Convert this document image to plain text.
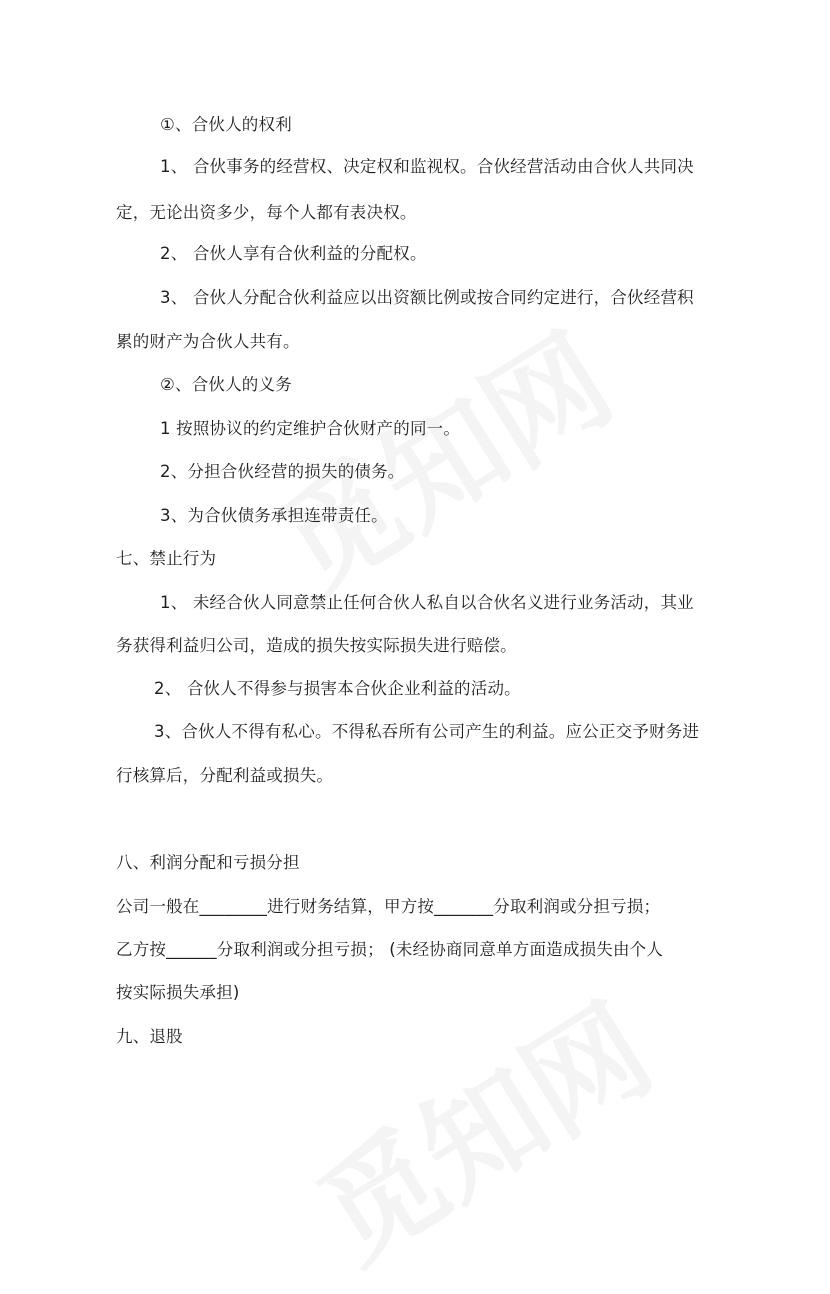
①、合伙人的权利

1、 合伙事务的经营权、决定权和监视权。合伙经营活动由合伙人共同决

定，无论出资多少，每个人都有表决权。

2、 合伙人享有合伙利益的分配权。

3、 合伙人分配合伙利益应以出资额比例或按合同约定进行，合伙经营积

累的财产为合伙人共有。

②、合伙人的义务

1 按照协议的约定维护合伙财产的同一。

2、分担合伙经营的损失的债务。

3、为合伙债务承担连带责任。

七、禁止行为

1、 未经合伙人同意禁止任何合伙人私自以合伙名义进行业务活动，其业

务获得利益归公司，造成的损失按实际损失进行赔偿。

2、 合伙人不得参与损害本合伙企业利益的活动。

3、合伙人不得有私心。不得私吞所有公司产生的利益。应公正交予财务进

行核算后，分配利益或损失。

八、利润分配和亏损分担

公司一般在________进行财务结算，甲方按_______分取利润或分担亏损；

乙方按______分取利润或分担亏损； (未经协商同意单方面造成损失由个人

按实际损失承担)

九、退股
